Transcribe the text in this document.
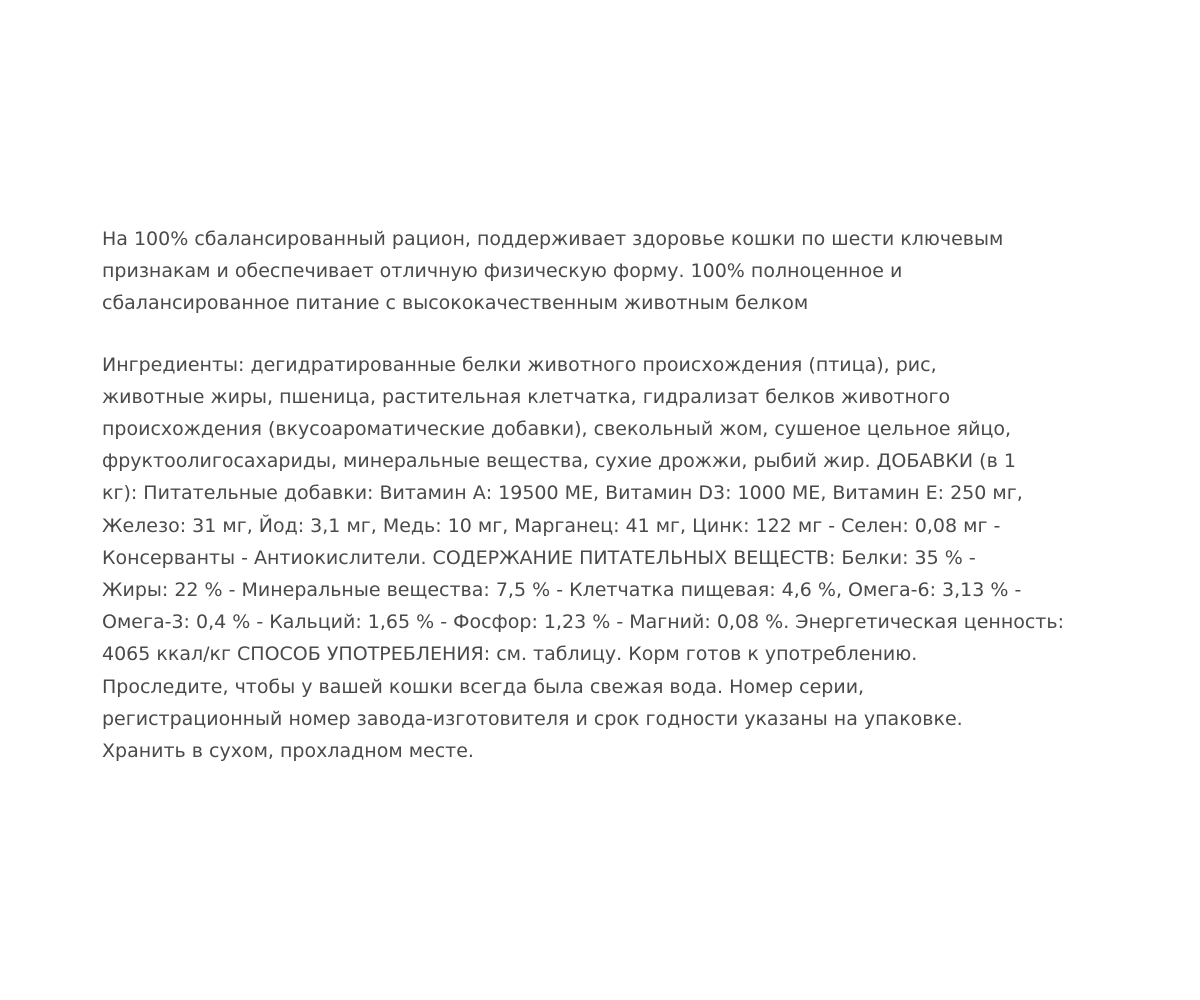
На 100% сбалансированный рацион, поддерживает здоровье кошки по шести ключевым
признакам и обеспечивает отличную физическую форму. 100% полноценное и
сбалансированное питание с высококачественным животным белком

Ингредиенты: дегидратированные белки животного происхождения (птица), рис,
животные жиры, пшеница, растительная клетчатка, гидрализат белков животного
происхождения (вкусоароматические добавки), свекольный жом, сушеное цельное яйцо,
фруктоолигосахариды, минеральные вещества, сухие дрожжи, рыбий жир. ДОБАВКИ (в 1
кг): Питательные добавки: Витамин А: 19500 МЕ, Витамин D3: 1000 МЕ, Витамин Е: 250 мг,
Железо: 31 мг, Йод: 3,1 мг, Медь: 10 мг, Марганец: 41 мг, Цинк: 122 мг - Селен: 0,08 мг -
Консерванты - Антиокислители. СОДЕРЖАНИЕ ПИТАТЕЛЬНЫХ ВЕЩЕСТВ: Белки: 35 % -
Жиры: 22 % - Минеральные вещества: 7,5 % - Клетчатка пищевая: 4,6 %, Омега-6: 3,13 % -
Омега-3: 0,4 % - Кальций: 1,65 % - Фосфор: 1,23 % - Магний: 0,08 %. Энергетическая ценность:
4065 ккал/кг СПОСОБ УПОТРЕБЛЕНИЯ: см. таблицу. Корм готов к употреблению.
Проследите, чтобы у вашей кошки всегда была свежая вода. Номер серии,
регистрационный номер завода-изготовителя и срок годности указаны на упаковке.
Хранить в сухом, прохладном месте.
